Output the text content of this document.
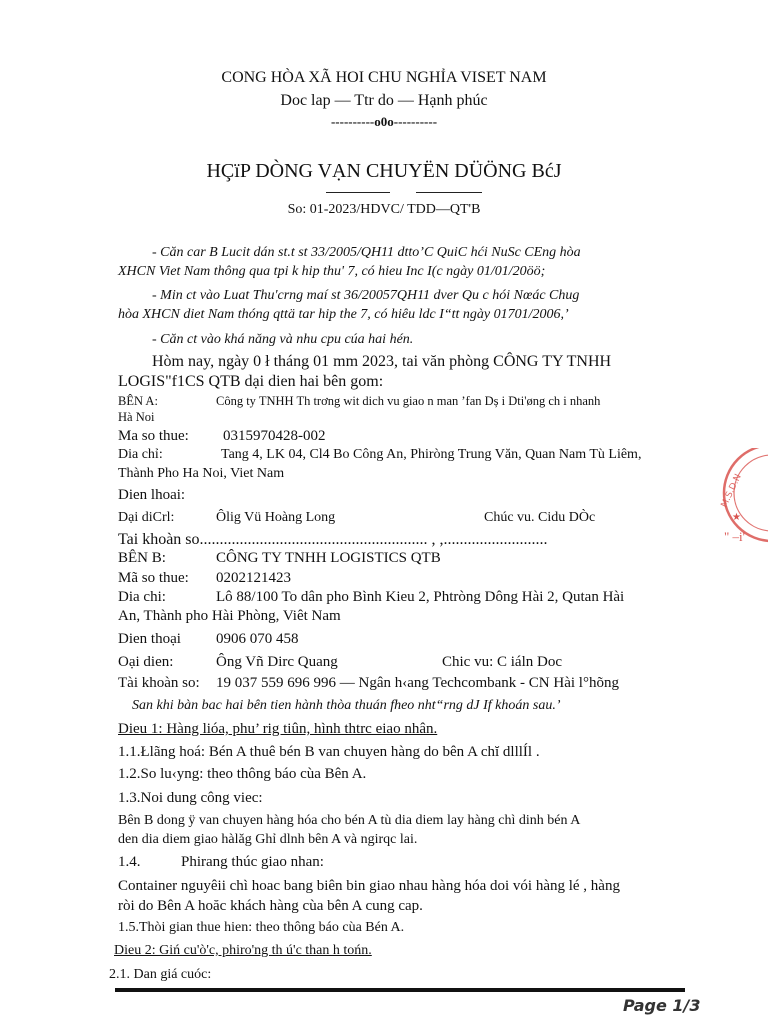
CONG HÒA XÃ HOI CHU NGHỈA VISET NAM
Doc lap — Ttr do — Hạnh phúc
----------o0o----------
HÇïP DÒNG VẠN CHUYËN DÜÖNG BćJ
So: 01-2023/HDVC/ TDD—QT'B
- Căn car B Lucit dán st.t st 33/2005/QH11 dtto’C QuiC hći NuSc CEng hòa
XHCN Viet Nam thông qua tpi k hip thu' 7, có hieu Inc I(c ngày 01/01/20öö;
- Min ct vào Luat Thu'crng maí st 36/20057QH11 dver Qu c hói Nœác Chug
hòa XHCN diet Nam thóng qttä tar hip the 7, có hiêu ldc I“tt ngày 01701/2006,’
- Căn ct vào khá năng và nhu cpu cúa hai hén.
Hòm nay, ngày 0 ł tháng 01 mm 2023, tai văn phòng CÔNG TY TNHH
LOGIS"f1CS QTB dại dien hai bên gom:
BÊN A:	Công ty TNHH Th trơng wit dich vu giao n man ’fan Dș i Dti'øng ch i nhanh
Hà Noi
Ma so thue: 0315970428-002
Dia chỉ:	Tang 4, LK 04, Cl4 Bo Công An, Phiròng Trung Văn, Quan Nam Tù Liêm,
Thành Pho Ha Noi, Viet Nam
Dien lhoai:
Dại diCrl:	Ôlig Vü Hoàng Long	Chúc vu. Cidu DÒc
Tai khoàn so......................................................... , ,..........................
BÊN B:	CÔNG TY TNHH LOGISTICS QTB
Mã so thue: 0202121423
Dia chi:	Lô 88/100 To dân pho Bình Kieu 2, Phtròng Dông Hài 2, Qutan Hài
An, Thành pho Hài Phòng, Viêt Nam
Dien thoại 0906 070 458
Oại dien:	Ông Vñ Dirc Quang	Chic vu: C iáln Doc
Tài khoàn so: 19 037 559 696 996 — Ngân h‹ang Techcombank - CN Hài l°hõng
San khi bàn bac hai bên tien hành thòa thuán fheo nht“rng dJ If khoán sau.’
Dieu 1: Hàng lióa, phu’ rig tiûn, hình thtrc eiao nhân.
1.1.Łlãng hoá: Bén A thuê bén B van chuyen hàng do bên A chĭ dlllÍl .
1.2.So lu‹yng: theo thông báo cùa Bên A.
1.3.Noi dung công viec:
Bên B dong ÿ van chuyen hàng hóa cho bén A tù dia diem lay hàng chì dinh bén A
den dia diem giao hàlăg Ghỉ dlnh bên A và ngirqc lai.
1.4.	Phirang thúc giao nhan:
Container nguyêii chì hoac bang biên bin giao nhau hàng hóa doi vói hàng lé , hàng
ròi do Bên A hoăc khách hàng cùa bên A cung cap.
1.5.Thòi gian thue hien: theo thông báo cùa Bén A.
Dieu 2: Giń cu'ò'c, phiro'ng th ú'c than h tońn.
2.1. Dan giá cuóc:
M.S.D.N
★
" –i'
Page 1/3
